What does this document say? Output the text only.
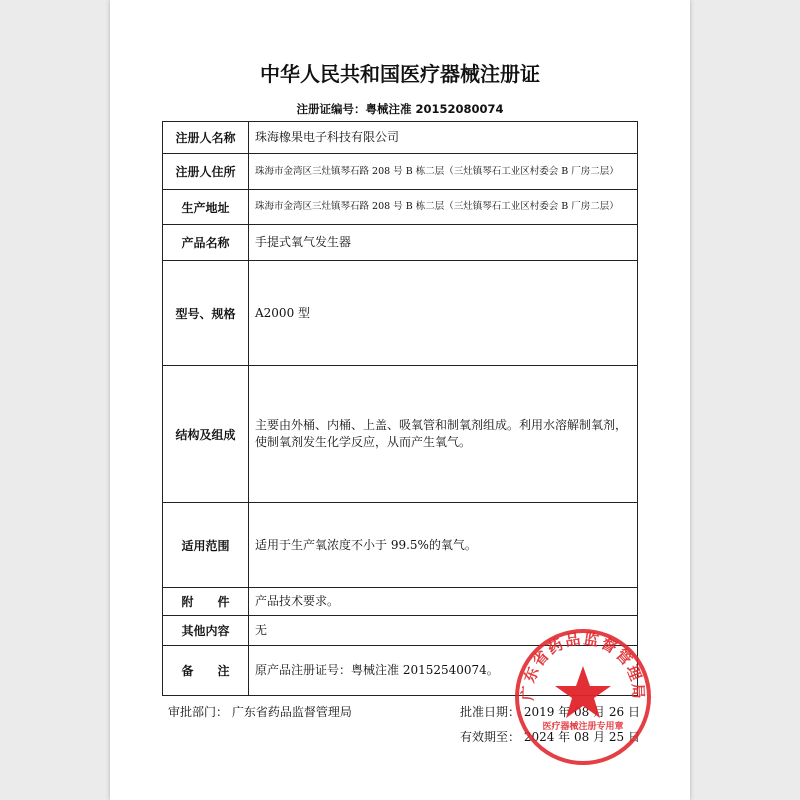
中华人民共和国医疗器械注册证
注册证编号：粤械注准 20152080074
注册人名称	珠海橡果电子科技有限公司
注册人住所	珠海市金湾区三灶镇琴石路 208 号 B 栋二层（三灶镇琴石工业区村委会 B 厂房二层）
生产地址	珠海市金湾区三灶镇琴石路 208 号 B 栋二层（三灶镇琴石工业区村委会 B 厂房二层）
产品名称	手提式氧气发生器
型号、规格	A2000 型
结构及组成	主要由外桶、内桶、上盖、吸氧管和制氧剂组成。利用水溶解制氧剂，使制氧剂发生化学反应，从而产生氧气。
适用范围	适用于生产氧浓度不小于 99.5%的氧气。
附　　件	产品技术要求。
其他内容	无
备　　注	原产品注册证号：粤械注准 20152540074。
审批部门： 广东省药品监督管理局	批准日期： 2019 年 08 月 26 日
有效期至： 2024 年 08 月 25 日
广东省药品监督管理局
医疗器械注册专用章
